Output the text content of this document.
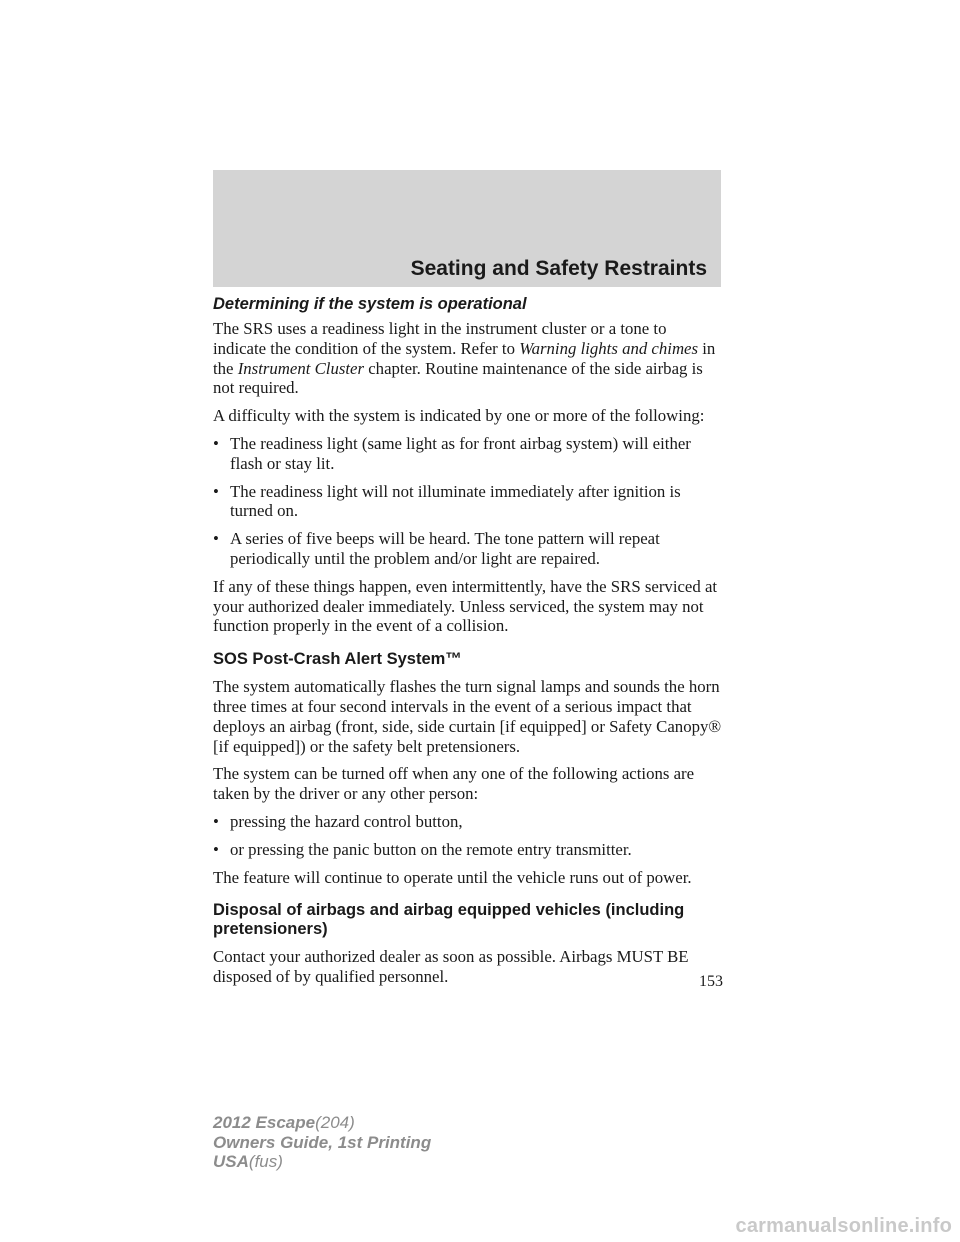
Seating and Safety Restraints
Determining if the system is operational

The SRS uses a readiness light in the instrument cluster or a tone to indicate the condition of the system. Refer to Warning lights and chimes in the Instrument Cluster chapter. Routine maintenance of the side airbag is not required.

A difficulty with the system is indicated by one or more of the following:

• The readiness light (same light as for front airbag system) will either flash or stay lit.
• The readiness light will not illuminate immediately after ignition is turned on.
• A series of five beeps will be heard. The tone pattern will repeat periodically until the problem and/or light are repaired.

If any of these things happen, even intermittently, have the SRS serviced at your authorized dealer immediately. Unless serviced, the system may not function properly in the event of a collision.

SOS Post-Crash Alert System™

The system automatically flashes the turn signal lamps and sounds the horn three times at four second intervals in the event of a serious impact that deploys an airbag (front, side, side curtain [if equipped] or Safety Canopy® [if equipped]) or the safety belt pretensioners.

The system can be turned off when any one of the following actions are taken by the driver or any other person:

• pressing the hazard control button,
• or pressing the panic button on the remote entry transmitter.

The feature will continue to operate until the vehicle runs out of power.

Disposal of airbags and airbag equipped vehicles (including pretensioners)

Contact your authorized dealer as soon as possible. Airbags MUST BE disposed of by qualified personnel.	153
2012 Escape(204)
Owners Guide, 1st Printing
USA(fus)
carmanualsonline.info
